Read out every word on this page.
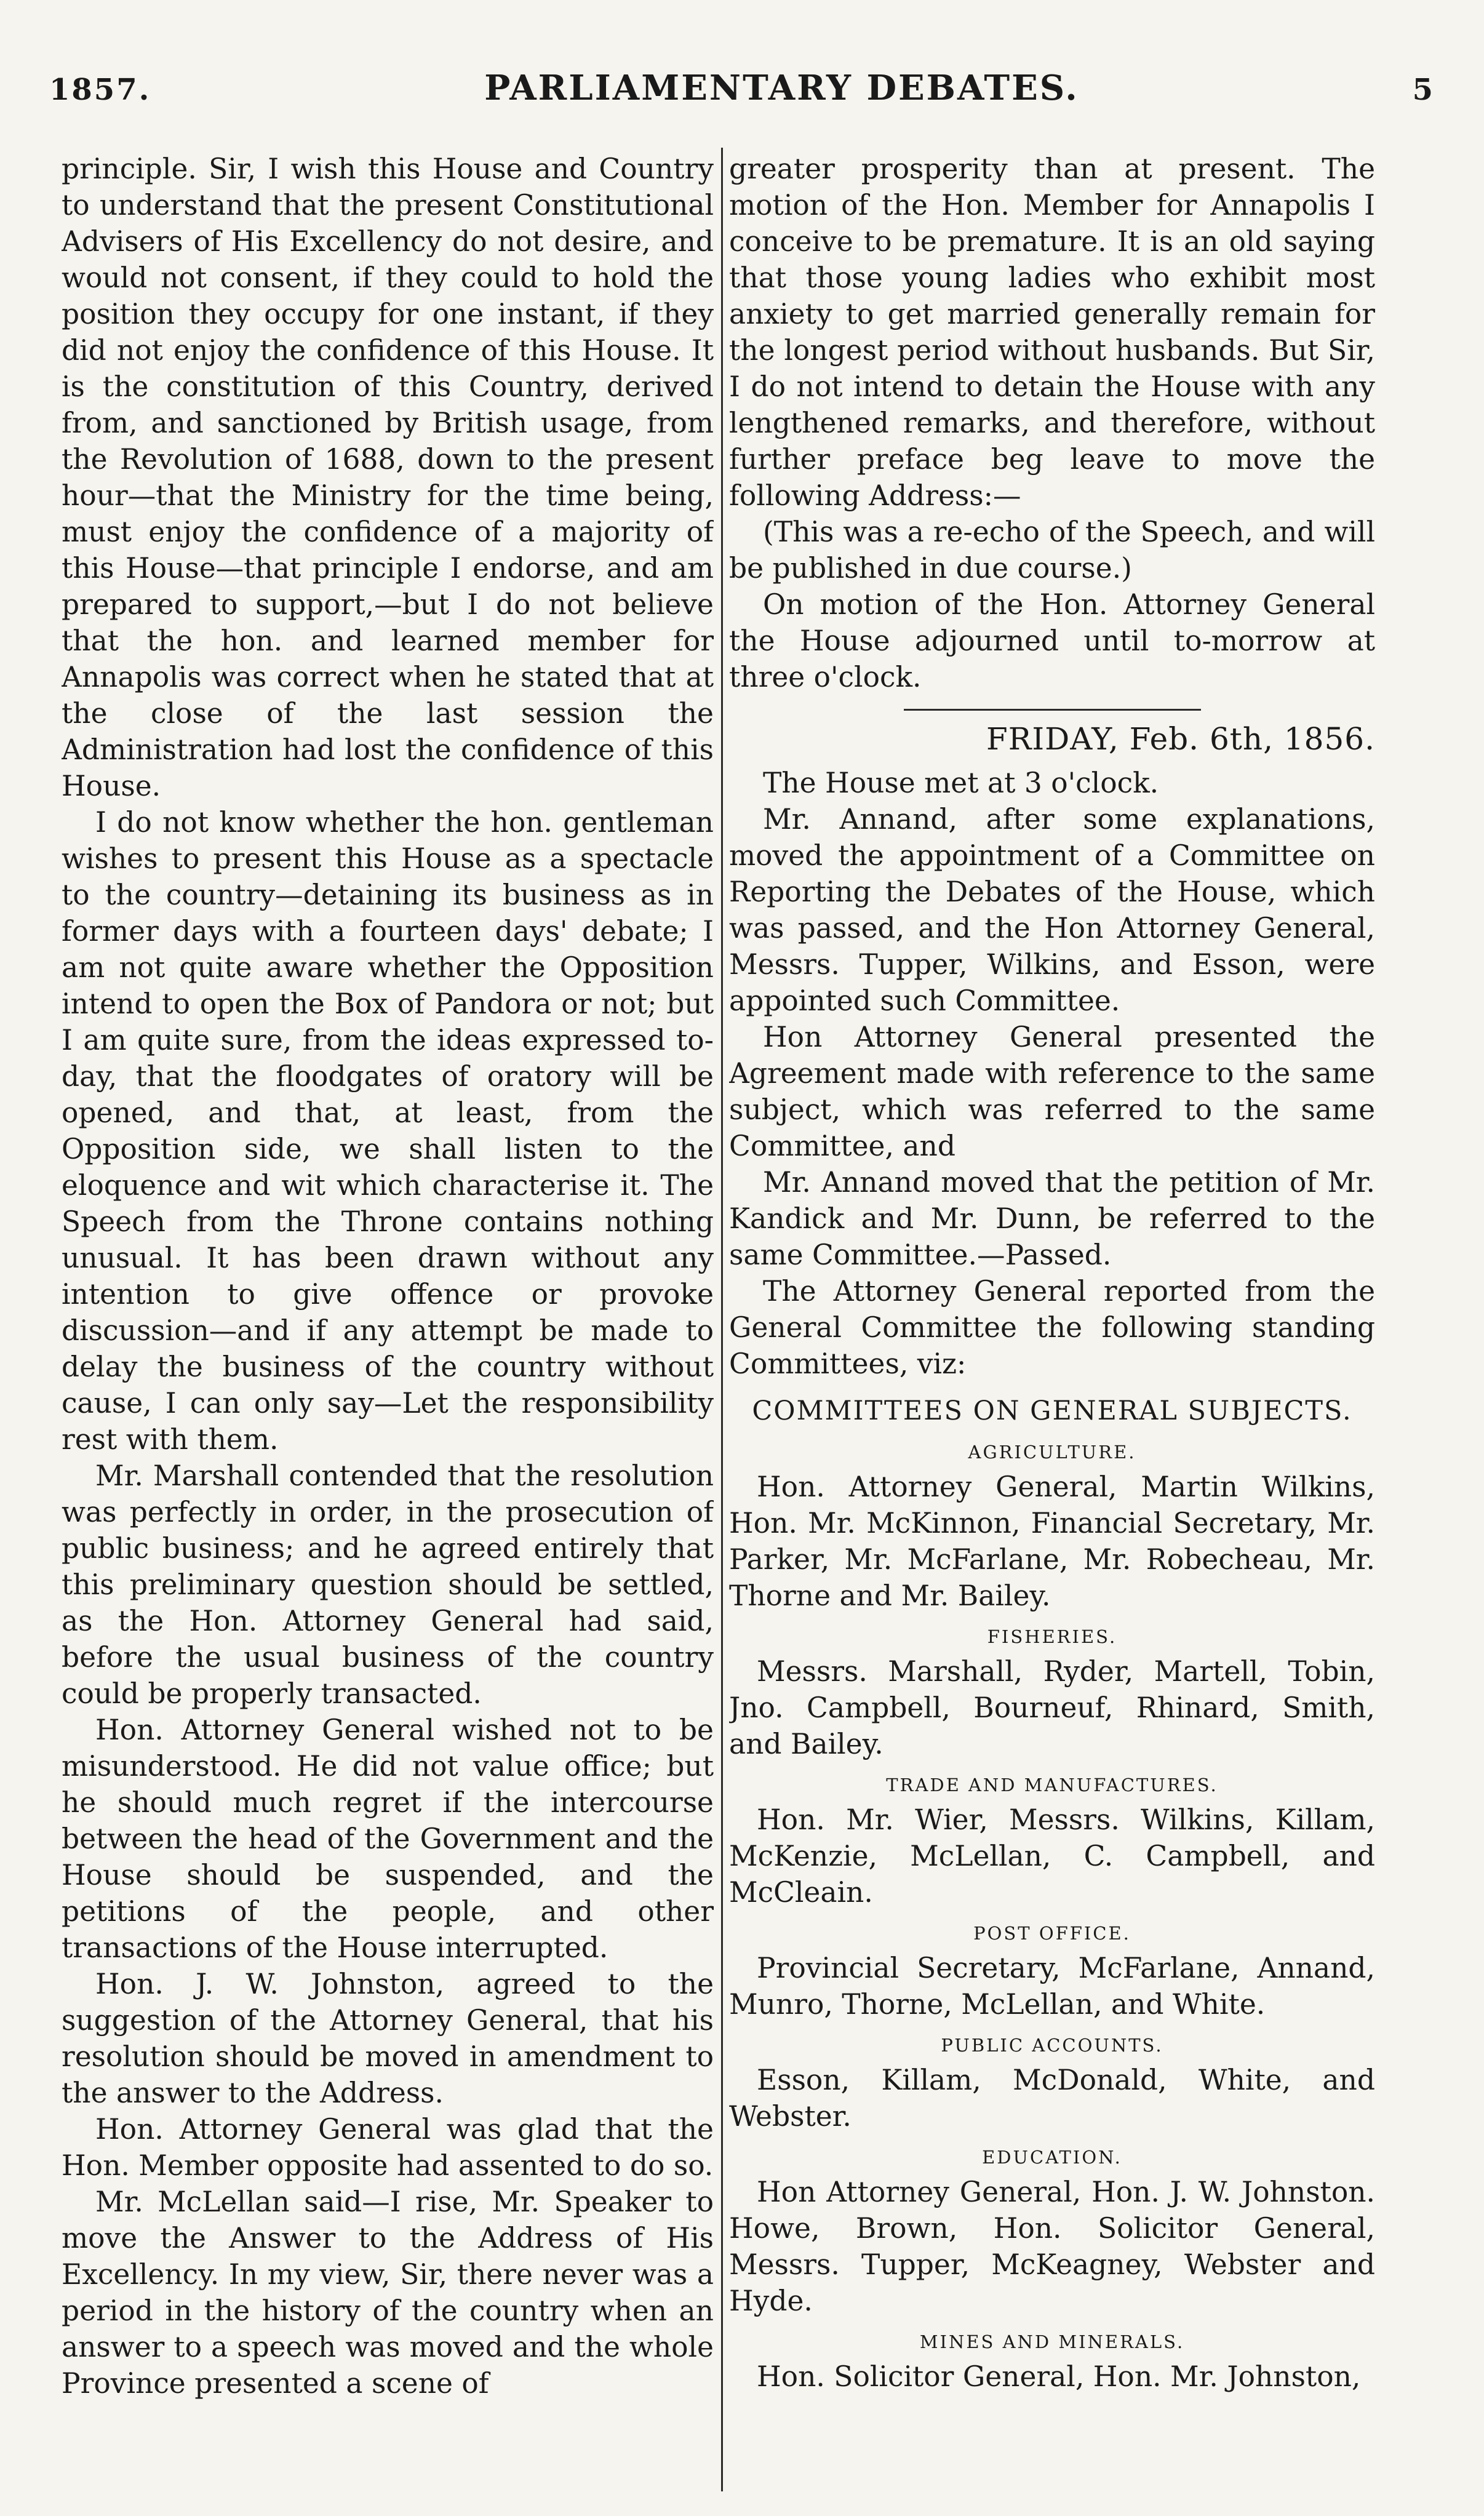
1857.	PARLIAMENTARY DEBATES.	5

principle. Sir, I wish this House and Country to understand that the present Constitutional Advisers of His Excellency do not desire, and would not consent, if they could to hold the position they occupy for one instant, if they did not enjoy the confidence of this House. It is the constitution of this Country, derived from, and sanctioned by British usage, from the Revolution of 1688, down to the present hour—that the Ministry for the time being, must enjoy the confidence of a majority of this House—that principle I endorse, and am prepared to support,—but I do not believe that the hon. and learned member for Annapolis was correct when he stated that at the close of the last session the Administration had lost the confidence of this House.

I do not know whether the hon. gentleman wishes to present this House as a spectacle to the country—detaining its business as in former days with a fourteen days' debate; I am not quite aware whether the Opposition intend to open the Box of Pandora or not; but I am quite sure, from the ideas expressed to-day, that the floodgates of oratory will be opened, and that, at least, from the Opposition side, we shall listen to the eloquence and wit which characterise it. The Speech from the Throne contains nothing unusual. It has been drawn without any intention to give offence or provoke discussion—and if any attempt be made to delay the business of the country without cause, I can only say—Let the responsibility rest with them.

Mr. Marshall contended that the resolution was perfectly in order, in the prosecution of public business; and he agreed entirely that this preliminary question should be settled, as the Hon. Attorney General had said, before the usual business of the country could be properly transacted.

Hon. Attorney General wished not to be misunderstood. He did not value office; but he should much regret if the intercourse between the head of the Government and the House should be suspended, and the petitions of the people, and other transactions of the House interrupted.

Hon. J. W. Johnston, agreed to the suggestion of the Attorney General, that his resolution should be moved in amendment to the answer to the Address.

Hon. Attorney General was glad that the Hon. Member opposite had assented to do so.

Mr. McLellan said—I rise, Mr. Speaker to move the Answer to the Address of His Excellency. In my view, Sir, there never was a period in the history of the country when an answer to a speech was moved and the whole Province presented a scene of

greater prosperity than at present. The motion of the Hon. Member for Annapolis I conceive to be premature. It is an old saying that those young ladies who exhibit most anxiety to get married generally remain for the longest period without husbands. But Sir, I do not intend to detain the House with any lengthened remarks, and therefore, without further preface beg leave to move the following Address:—

(This was a re-echo of the Speech, and will be published in due course.)

On motion of the Hon. Attorney General the House adjourned until to-morrow at three o'clock.

FRIDAY, Feb. 6th, 1856.

The House met at 3 o'clock.

Mr. Annand, after some explanations, moved the appointment of a Committee on Reporting the Debates of the House, which was passed, and the Hon Attorney General, Messrs. Tupper, Wilkins, and Esson, were appointed such Committee.

Hon Attorney General presented the Agreement made with reference to the same subject, which was referred to the same Committee, and

Mr. Annand moved that the petition of Mr. Kandick and Mr. Dunn, be referred to the same Committee.—Passed.

The Attorney General reported from the General Committee the following standing Committees, viz:

COMMITTEES ON GENERAL SUBJECTS.
AGRICULTURE.

Hon. Attorney General, Martin Wilkins, Hon. Mr. McKinnon, Financial Secretary, Mr. Parker, Mr. McFarlane, Mr. Robecheau, Mr. Thorne and Mr. Bailey.

FISHERIES.

Messrs. Marshall, Ryder, Martell, Tobin, Jno. Campbell, Bourneuf, Rhinard, Smith, and Bailey.

TRADE AND MANUFACTURES.

Hon. Mr. Wier, Messrs. Wilkins, Killam, McKenzie, McLellan, C. Campbell, and McCleain.

POST OFFICE.

Provincial Secretary, McFarlane, Annand, Munro, Thorne, McLellan, and White.

PUBLIC ACCOUNTS.

Esson, Killam, McDonald, White, and Webster.

EDUCATION.

Hon Attorney General, Hon. J. W. Johnston. Howe, Brown, Hon. Solicitor General, Messrs. Tupper, McKeagney, Webster and Hyde.

MINES AND MINERALS.

Hon. Solicitor General, Hon. Mr. Johnston,
